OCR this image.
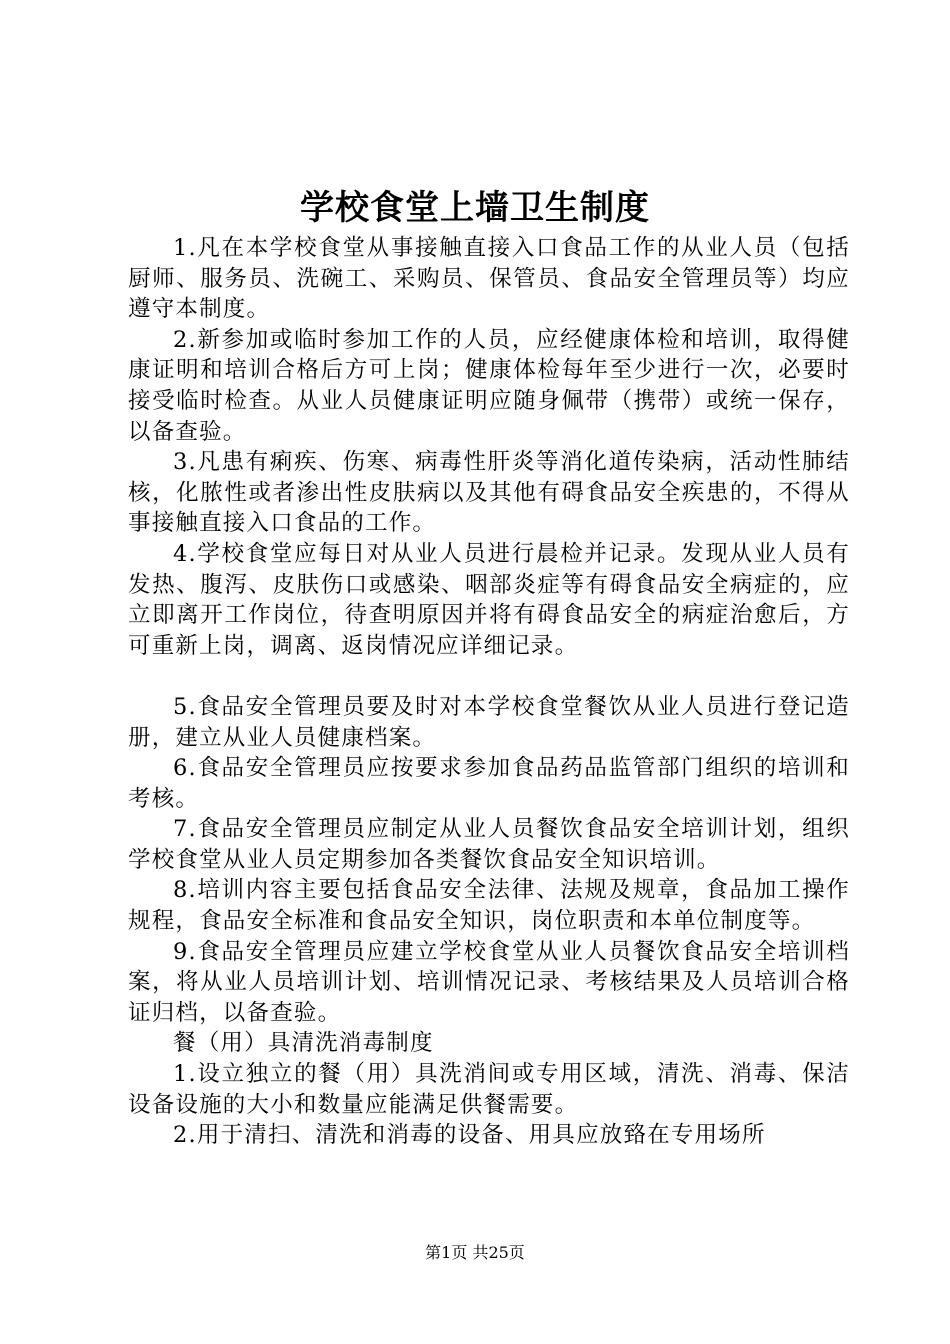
学校食堂上墙卫生制度

1.凡在本学校食堂从事接触直接入口食品工作的从业人员（包括厨师、服务员、洗碗工、采购员、保管员、食品安全管理员等）均应遵守本制度。

2.新参加或临时参加工作的人员，应经健康体检和培训，取得健康证明和培训合格后方可上岗；健康体检每年至少进行一次，必要时接受临时检查。从业人员健康证明应随身佩带（携带）或统一保存，以备查验。

3.凡患有痢疾、伤寒、病毒性肝炎等消化道传染病，活动性肺结核，化脓性或者渗出性皮肤病以及其他有碍食品安全疾患的，不得从事接触直接入口食品的工作。

4.学校食堂应每日对从业人员进行晨检并记录。发现从业人员有发热、腹泻、皮肤伤口或感染、咽部炎症等有碍食品安全病症的，应立即离开工作岗位，待查明原因并将有碍食品安全的病症治愈后，方可重新上岗，调离、返岗情况应详细记录。

5.食品安全管理员要及时对本学校食堂餐饮从业人员进行登记造册，建立从业人员健康档案。

6.食品安全管理员应按要求参加食品药品监管部门组织的培训和考核。

7.食品安全管理员应制定从业人员餐饮食品安全培训计划，组织学校食堂从业人员定期参加各类餐饮食品安全知识培训。

8.培训内容主要包括食品安全法律、法规及规章，食品加工操作规程，食品安全标准和食品安全知识，岗位职责和本单位制度等。

9.食品安全管理员应建立学校食堂从业人员餐饮食品安全培训档案，将从业人员培训计划、培训情况记录、考核结果及人员培训合格证归档，以备查验。

餐（用）具清洗消毒制度

1.设立独立的餐（用）具洗消间或专用区域，清洗、消毒、保洁设备设施的大小和数量应能满足供餐需要。

2.用于清扫、清洗和消毒的设备、用具应放臵在专用场所

第1页 共25页
